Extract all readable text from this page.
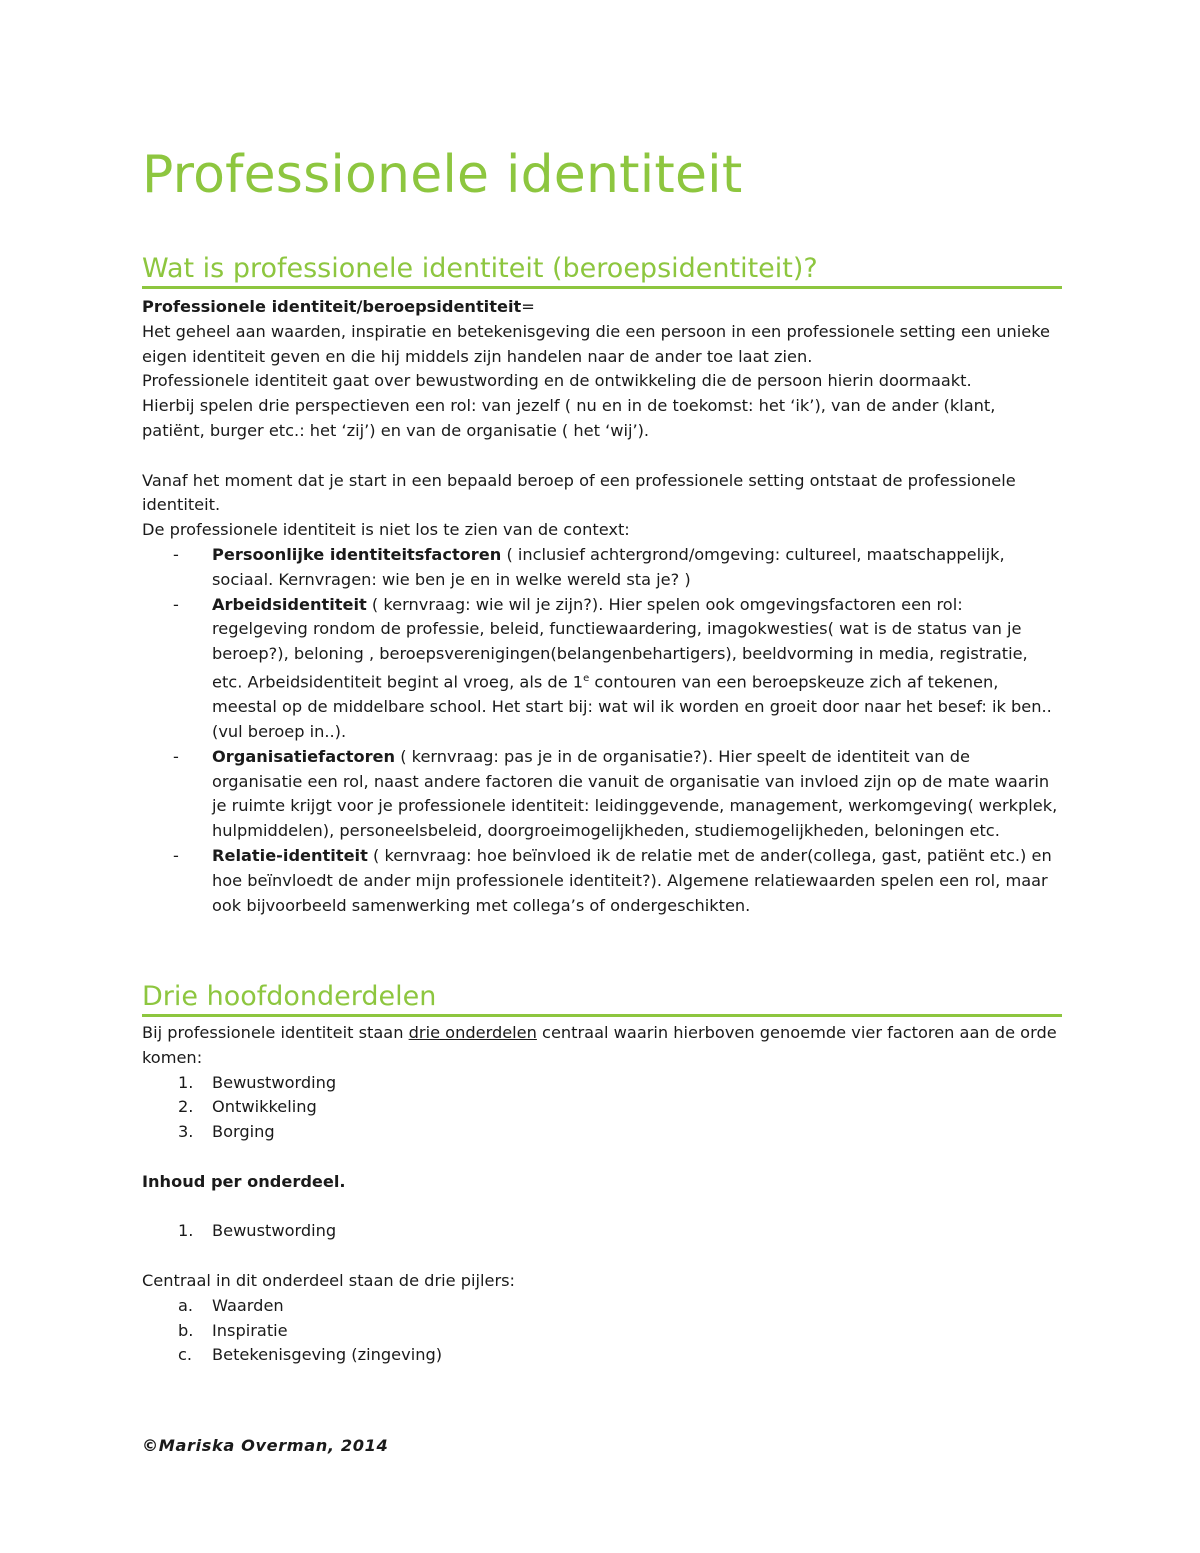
Professionele identiteit
Wat is professionele identiteit (beroepsidentiteit)?

Professionele identiteit/beroepsidentiteit=

Het geheel aan waarden, inspiratie en betekenisgeving die een persoon in een professionele setting een unieke eigen identiteit geven en die hij middels zijn handelen naar de ander toe laat zien.

Professionele identiteit gaat over bewustwording en de ontwikkeling die de persoon hierin doormaakt.

Hierbij spelen drie perspectieven een rol: van jezelf ( nu en in de toekomst: het ‘ik’), van de ander (klant, patiënt, burger etc.: het ‘zij’) en van de organisatie ( het ‘wij’).

Vanaf het moment dat je start in een bepaald beroep of een professionele setting ontstaat de professionele identiteit.

De professionele identiteit is niet los te zien van de context:

- Persoonlijke identiteitsfactoren ( inclusief achtergrond/omgeving: cultureel, maatschappelijk, sociaal. Kernvragen: wie ben je en in welke wereld sta je? )
- Arbeidsidentiteit ( kernvraag: wie wil je zijn?). Hier spelen ook omgevingsfactoren een rol: regelgeving rondom de professie, beleid, functiewaardering, imagokwesties( wat is de status van je beroep?), beloning , beroepsverenigingen(belangenbehartigers), beeldvorming in media, registratie, etc. Arbeidsidentiteit begint al vroeg, als de 1e contouren van een beroepskeuze zich af tekenen, meestal op de middelbare school. Het start bij: wat wil ik worden en groeit door naar het besef: ik ben..(vul beroep in..).
- Organisatiefactoren ( kernvraag: pas je in de organisatie?). Hier speelt de identiteit van de organisatie een rol, naast andere factoren die vanuit de organisatie van invloed zijn op de mate waarin je ruimte krijgt voor je professionele identiteit: leidinggevende, management, werkomgeving( werkplek, hulpmiddelen), personeelsbeleid, doorgroeimogelijkheden, studiemogelijkheden, beloningen etc.
- Relatie-identiteit ( kernvraag: hoe beïnvloed ik de relatie met de ander(collega, gast, patiënt etc.) en hoe beïnvloedt de ander mijn professionele identiteit?). Algemene relatiewaarden spelen een rol, maar ook bijvoorbeeld samenwerking met collega’s of ondergeschikten.
Drie hoofdonderdelen

Bij professionele identiteit staan drie onderdelen centraal waarin hierboven genoemde vier factoren aan de orde komen:

1. Bewustwording
2. Ontwikkeling
3. Borging

Inhoud per onderdeel.

1. Bewustwording

Centraal in dit onderdeel staan de drie pijlers:

a. Waarden
b. Inspiratie
c. Betekenisgeving (zingeving)
©Mariska Overman, 2014
